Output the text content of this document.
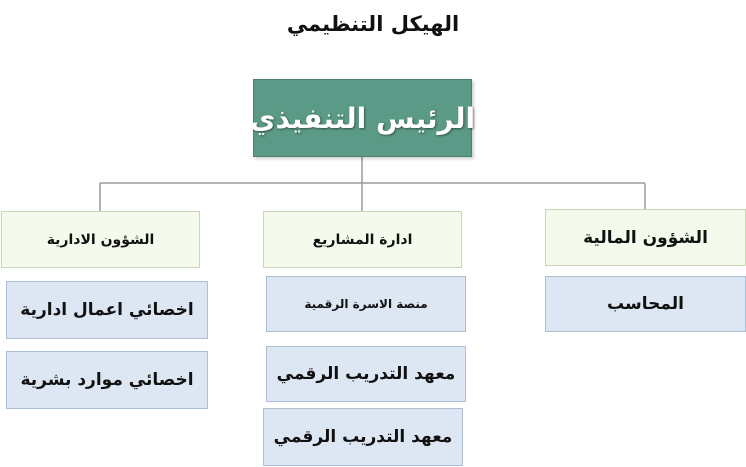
الهيكل التنظيمي
الرئيس التنفيذي
الشؤون الادارية	ادارة المشاريع	الشؤون المالية
اخصائي اعمال ادارية
اخصائي موارد بشرية
منصة الاسرة الرقمية
معهد التدريب الرقمي
معهد التدريب الرقمي
المحاسب
